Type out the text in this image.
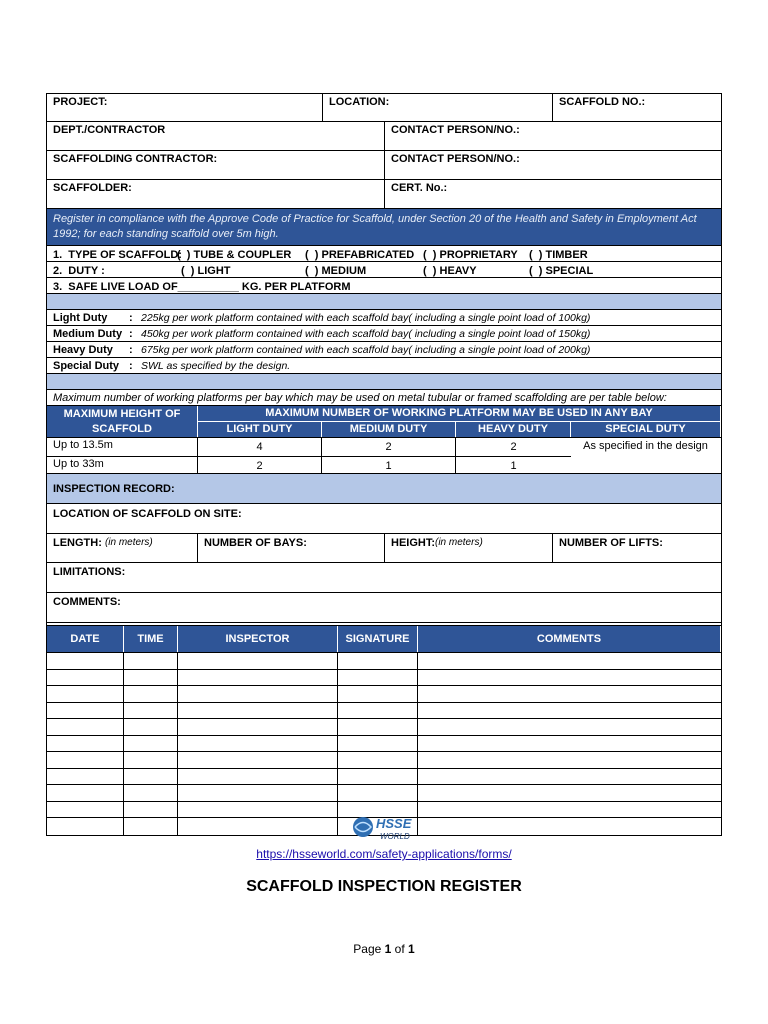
PROJECT:	LOCATION:	SCAFFOLD NO.:
DEPT./CONTRACTOR	CONTACT PERSON/NO.:
SCAFFOLDING CONTRACTOR:	CONTACT PERSON/NO.:
SCAFFOLDER:	CERT. No.:
Register in compliance with the Approve Code of Practice for Scaffold, under Section 20 of the Health and Safety in Employment Act 1992; for each standing scaffold over 5m high.
1.  TYPE OF SCAFFOLD:
(  ) TUBE & COUPLER	(  ) PREFABRICATED (  ) PROPRIETARY	(  ) TIMBER
2.  DUTY :	(  ) LIGHT	(  ) MEDIUM	(  ) HEAVY	(  ) SPECIAL
3.  SAFE LIVE LOAD OF__________ KG. PER PLATFORM
Light Duty	: 225kg per work platform contained with each scaffold bay( including a single point load of 100kg)
Medium Duty : 450kg per work platform contained with each scaffold bay( including a single point load of 150kg)
Heavy Duty	: 675kg per work platform contained with each scaffold bay( including a single point load of 200kg)
Special Duty : SWL as specified by the design.
Maximum number of working platforms per bay which may be used on metal tubular or framed scaffolding are per table below:
MAXIMUM HEIGHT OF SCAFFOLD
MAXIMUM NUMBER OF WORKING PLATFORM MAY BE USED IN ANY BAY
LIGHT DUTY	MEDIUM DUTY	HEAVY DUTY	SPECIAL DUTY
Up to 13.5m	4	2	2
Up to 33m	2	1	1
As specified in the design
INSPECTION RECORD:
LOCATION OF SCAFFOLD ON SITE:
LENGTH:
(in meters)	NUMBER OF BAYS:	HEIGHT: (in meters)	NUMBER OF LIFTS:
LIMITATIONS:
COMMENTS:
DATE	TIME	INSPECTOR	SIGNATURE	COMMENTS
HSSE
WORLD
https://hsseworld.com/safety-applications/forms/
SCAFFOLD INSPECTION REGISTER
Page 1 of 1
